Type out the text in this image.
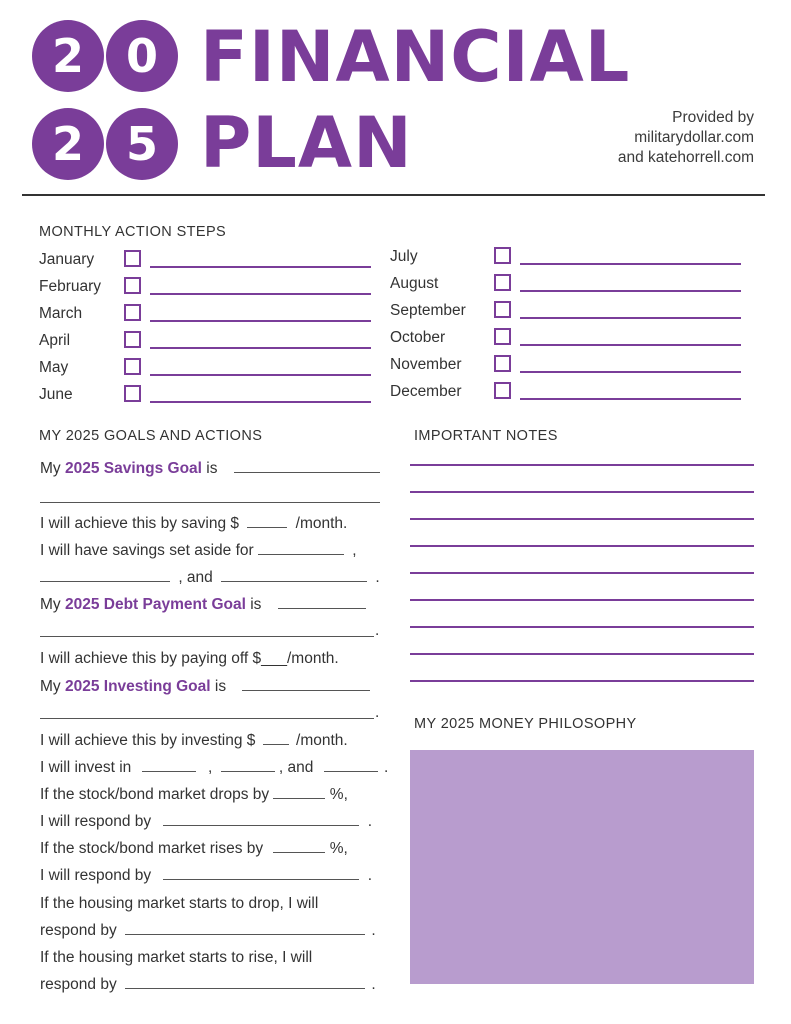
2 0
2 5
FINANCIAL
PLAN	Provided by
militarydollar.com
and katehorrell.com
MONTHLY ACTION STEPS
January
February
March
April
May
June
July
August
September
October
November
December
MY 2025 GOALS AND ACTIONS
My 2025 Savings Goal is
I will achieve this by saving $	/month.
I will have savings set aside for	,
, and	.
My 2025 Debt Payment Goal is
.
I will achieve this by paying off $___/month.
My 2025 Investing Goal is
.
I will achieve this by investing $	/month.
I will invest in	,	, and	.
If the stock/bond market drops by	%,
I will respond by	.
If the stock/bond market rises by	%,
I will respond by	.
If the housing market starts to drop, I will
respond by	.
If the housing market starts to rise, I will
respond by	.
IMPORTANT NOTES
MY 2025 MONEY PHILOSOPHY
